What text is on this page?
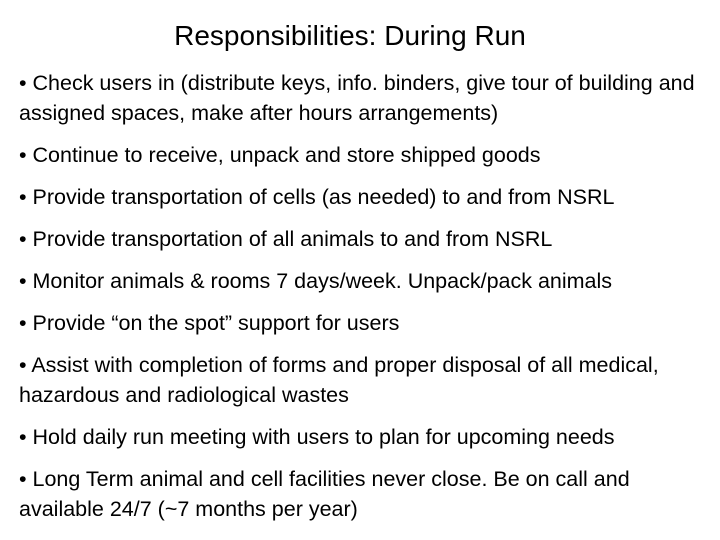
Responsibilities: During Run
• Check users in (distribute keys, info. binders, give tour of building and assigned spaces, make after hours arrangements)
• Continue to receive, unpack and store shipped goods
• Provide transportation of cells (as needed) to and from NSRL
• Provide transportation of all animals to and from NSRL
• Monitor animals & rooms 7 days/week. Unpack/pack animals
• Provide “on the spot” support for users
• Assist with completion of forms and proper disposal of all medical, hazardous and radiological wastes
• Hold daily run meeting with users to plan for upcoming needs
• Long Term animal and cell facilities never close. Be on call and available 24/7 (~7 months per year)
